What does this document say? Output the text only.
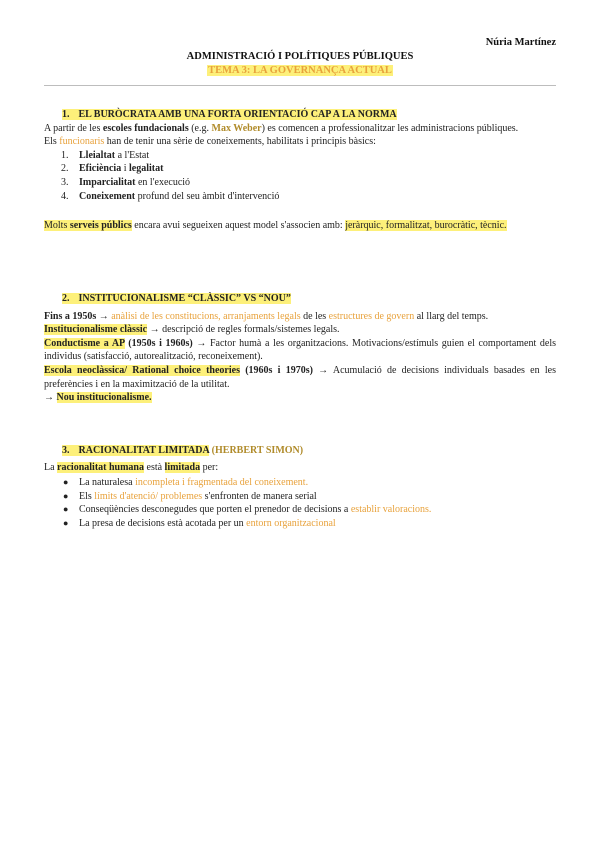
Núria Martínez
ADMINISTRACIÓ I POLÍTIQUES PÚBLIQUES
TEMA 3: LA GOVERNANÇA ACTUAL

1. EL BURÒCRATA AMB UNA FORTA ORIENTACIÓ CAP A LA NORMA

A partir de les escoles fundacionals (e.g. Max Weber) es comencen a professionalitzar les administracions públiques.

Els funcionaris han de tenir una sèrie de coneixements, habilitats i principis bàsics:

1. Lleialtat a l'Estat
2. Eficiència i legalitat
3. Imparcialitat en l'execució
4. Coneixement profund del seu àmbit d'intervenció

Molts serveis públics encara avui segueixen aquest model s'associen amb: jeràrquic, formalitzat, burocràtic, tècnic.

2. INSTITUCIONALISME “CLÀSSIC” VS “NOU”

Fins a 1950s → anàlisi de les constitucions, arranjaments legals de les estructures de govern al llarg del temps.

Institucionalisme clàssic → descripció de regles formals/sistemes legals.

Conductisme a AP (1950s i 1960s) → Factor humà a les organitzacions. Motivacions/estímuls guien el comportament dels individus (satisfacció, autorealització, reconeixement).

Escola neoclàssica/ Rational choice theories (1960s i 1970s) → Acumulació de decisions individuals basades en les preferències i en la maximització de la utilitat.

→ Nou institucionalisme.

3. RACIONALITAT LIMITADA (HERBERT SIMON)

La racionalitat humana està limitada per:

● La naturalesa incompleta i fragmentada del coneixement.
● Els límits d'atenció/ problemes s'enfronten de manera serial
● Conseqüències desconegudes que porten el prenedor de decisions a establir valoracions.
● La presa de decisions està acotada per un entorn organitzacional
